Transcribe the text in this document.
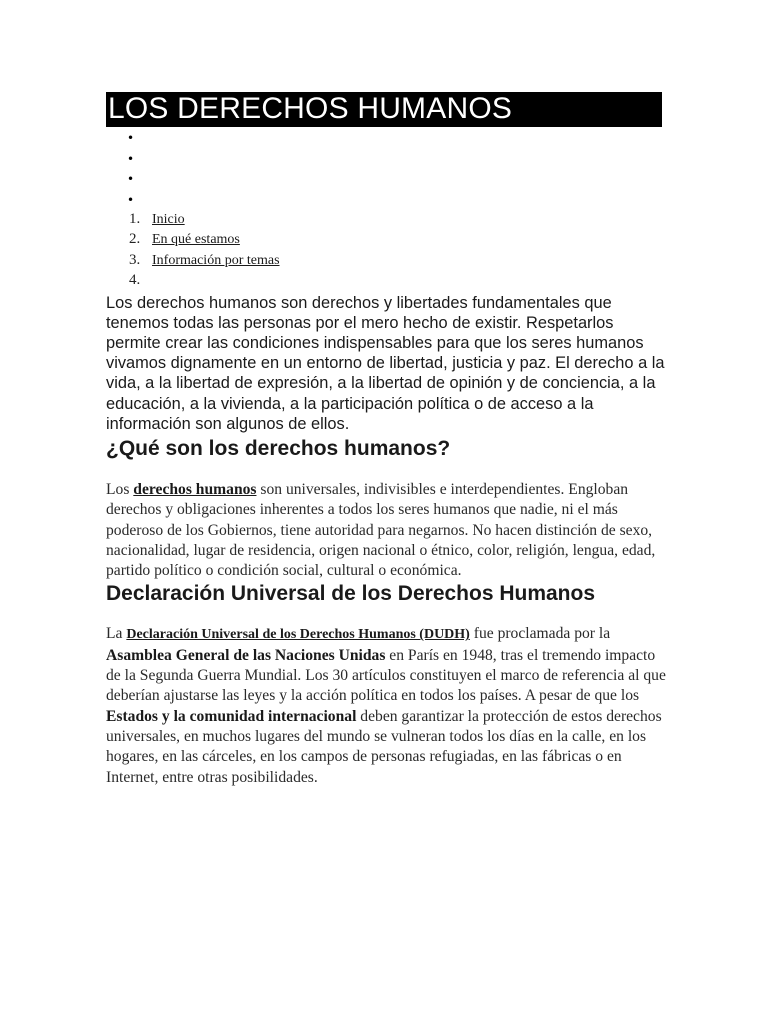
LOS DERECHOS HUMANOS
•
•
•
•
1. Inicio
2. En qué estamos
3. Información por temas
4.

Los derechos humanos son derechos y libertades fundamentales que tenemos todas las personas por el mero hecho de existir. Respetarlos permite crear las condiciones indispensables para que los seres humanos vivamos dignamente en un entorno de libertad, justicia y paz. El derecho a la vida, a la libertad de expresión, a la libertad de opinión y de conciencia, a la educación, a la vivienda, a la participación política o de acceso a la información son algunos de ellos.

¿Qué son los derechos humanos?

Los derechos humanos son universales, indivisibles e interdependientes. Engloban derechos y obligaciones inherentes a todos los seres humanos que nadie, ni el más poderoso de los Gobiernos, tiene autoridad para negarnos. No hacen distinción de sexo, nacionalidad, lugar de residencia, origen nacional o étnico, color, religión, lengua, edad, partido político o condición social, cultural o económica.

Declaración Universal de los Derechos Humanos

La Declaración Universal de los Derechos Humanos (DUDH) fue proclamada por la Asamblea General de las Naciones Unidas en París en 1948, tras el tremendo impacto de la Segunda Guerra Mundial. Los 30 artículos constituyen el marco de referencia al que deberían ajustarse las leyes y la acción política en todos los países. A pesar de que los Estados y la comunidad internacional deben garantizar la protección de estos derechos universales, en muchos lugares del mundo se vulneran todos los días en la calle, en los hogares, en las cárceles, en los campos de personas refugiadas, en las fábricas o en Internet, entre otras posibilidades.
